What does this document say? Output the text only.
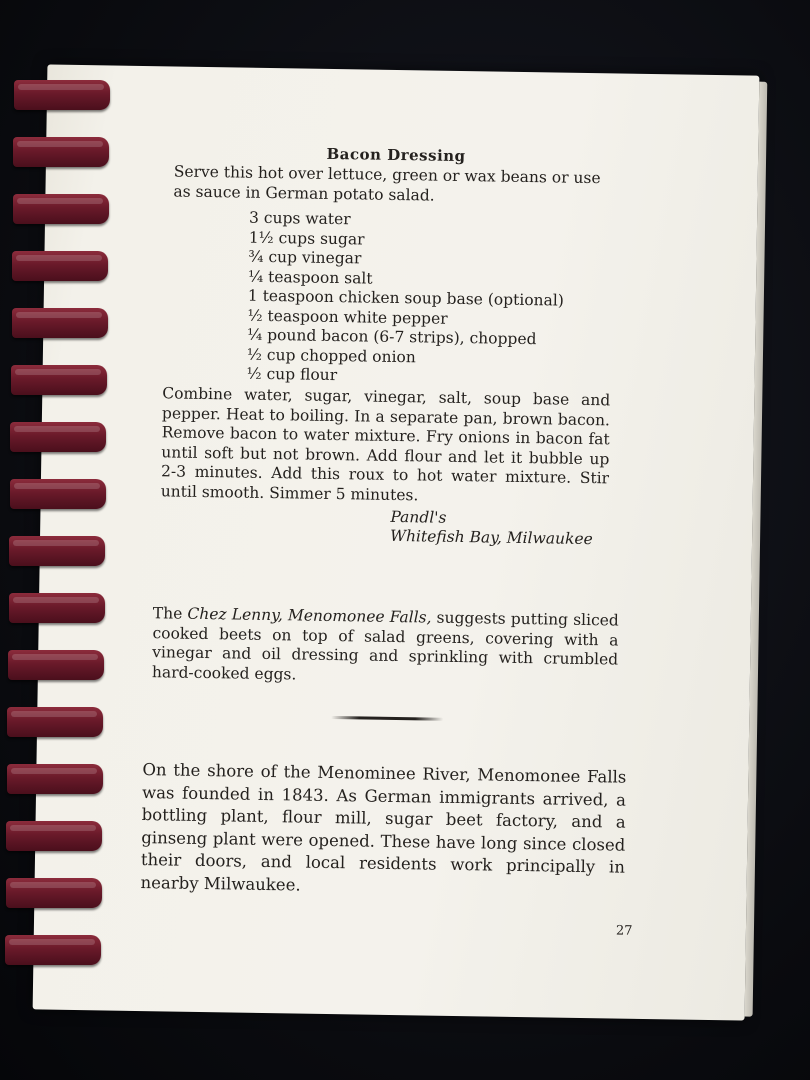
Bacon Dressing
Serve this hot over lettuce, green or wax beans or use as sauce in German potato salad.
3 cups water
1½ cups sugar
¾ cup vinegar
¼ teaspoon salt
1 teaspoon chicken soup base (optional)
½ teaspoon white pepper
¼ pound bacon (6-7 strips), chopped
½ cup chopped onion
½ cup flour
Combine water, sugar, vinegar, salt, soup base and pepper. Heat to boiling. In a separate pan, brown bacon. Remove bacon to water mixture. Fry onions in bacon fat until soft but not brown. Add flour and let it bubble up 2-3 minutes. Add this roux to hot water mixture. Stir until smooth. Simmer 5 minutes.
Pandl's
Whitefish Bay, Milwaukee
The Chez Lenny, Menomonee Falls, suggests putting sliced cooked beets on top of salad greens, covering with a vinegar and oil dressing and sprinkling with crumbled hard-cooked eggs.
On the shore of the Menominee River, Menomonee Falls was founded in 1843. As German immigrants arrived, a bottling plant, flour mill, sugar beet factory, and a ginseng plant were opened. These have long since closed their doors, and local residents work principally in nearby Milwaukee.
27
